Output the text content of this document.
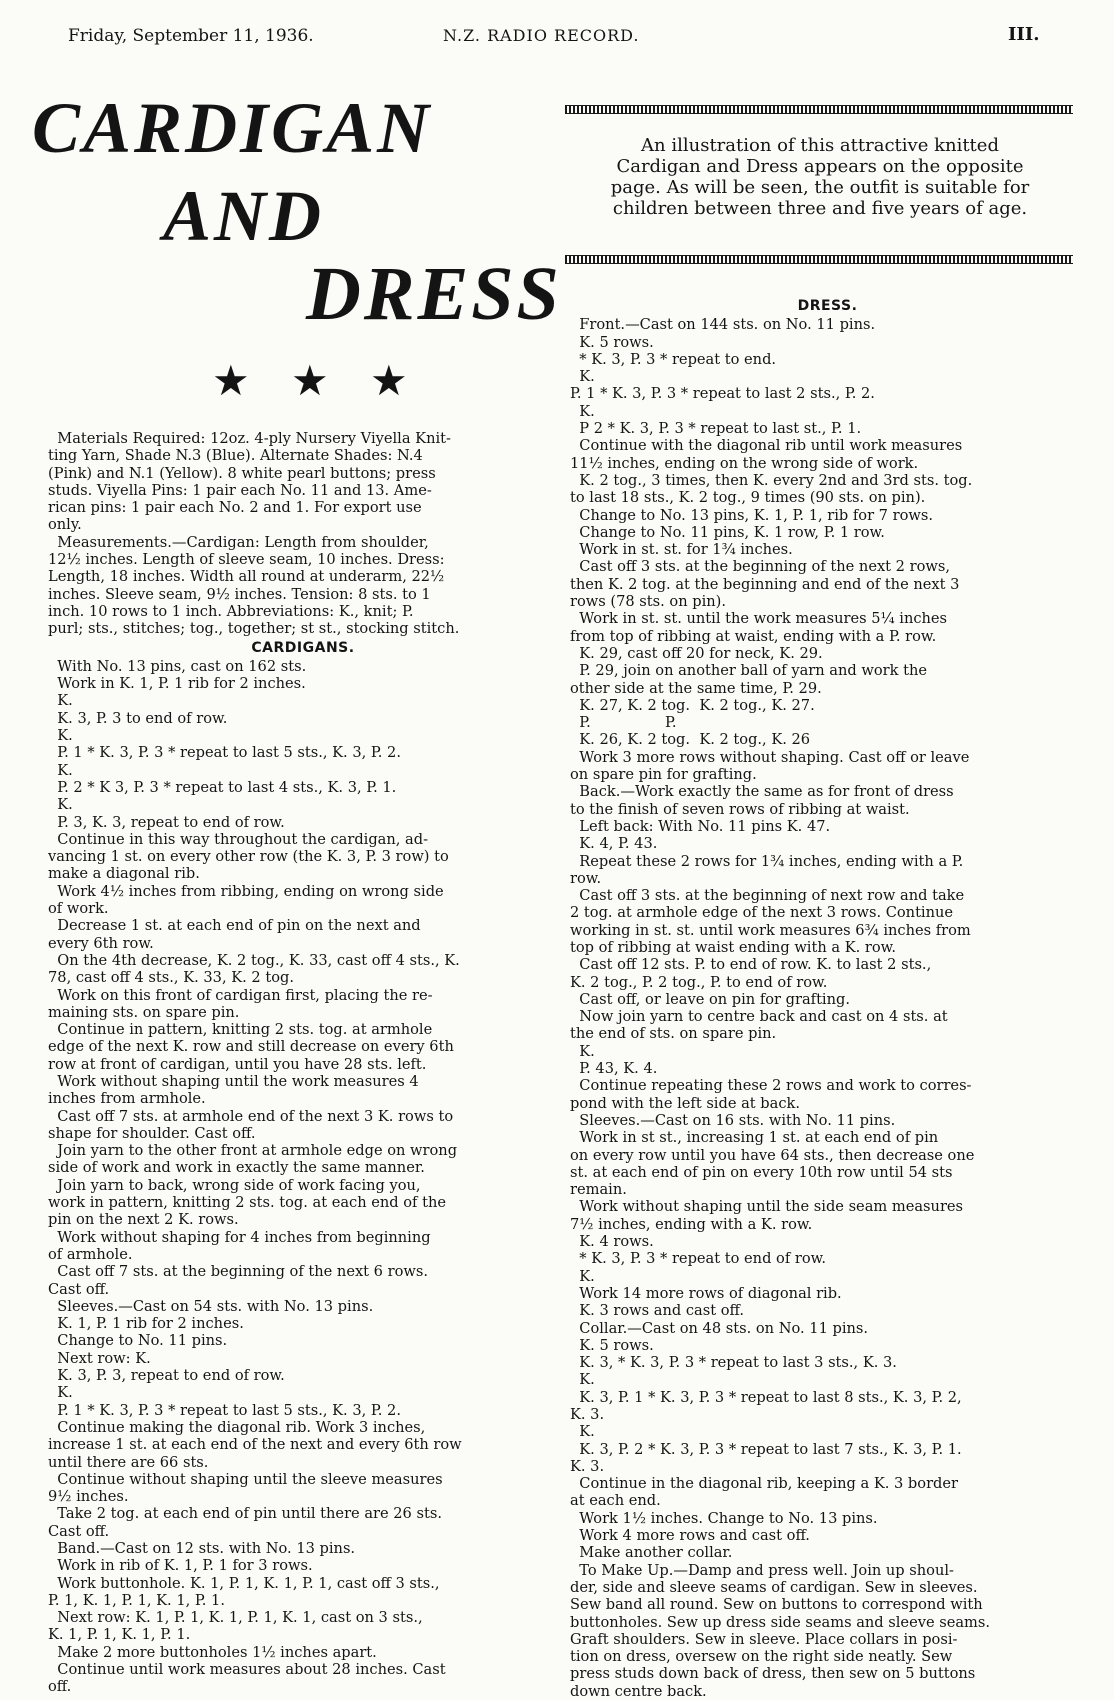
Friday, September 11, 1936.	N.Z. RADIO RECORD.	III.
CARDIGAN
AND
DRESS
★ ★ ★
An illustration of this attractive knitted Cardigan and Dress appears on the opposite page. As will be seen, the outfit is suitable for children between three and five years of age.
Materials Required: 12oz. 4-ply Nursery Viyella Knit-
ting Yarn, Shade N.3 (Blue). Alternate Shades: N.4
(Pink) and N.1 (Yellow). 8 white pearl buttons; press
studs. Viyella Pins: 1 pair each No. 11 and 13. Ame-
rican pins: 1 pair each No. 2 and 1. For export use
only.
Measurements.—Cardigan: Length from shoulder,
12½ inches. Length of sleeve seam, 10 inches. Dress:
Length, 18 inches. Width all round at underarm, 22½
inches. Sleeve seam, 9½ inches. Tension: 8 sts. to 1
inch. 10 rows to 1 inch. Abbreviations: K., knit; P.
purl; sts., stitches; tog., together; st st., stocking stitch.
CARDIGANS.
With No. 13 pins, cast on 162 sts.
Work in K. 1, P. 1 rib for 2 inches.
K.
K. 3, P. 3 to end of row.
K.
P. 1 * K. 3, P. 3 * repeat to last 5 sts., K. 3, P. 2.
K.
P. 2 * K 3, P. 3 * repeat to last 4 sts., K. 3, P. 1.
K.
P. 3, K. 3, repeat to end of row.
Continue in this way throughout the cardigan, ad-
vancing 1 st. on every other row (the K. 3, P. 3 row) to
make a diagonal rib.
Work 4½ inches from ribbing, ending on wrong side
of work.
Decrease 1 st. at each end of pin on the next and
every 6th row.
On the 4th decrease, K. 2 tog., K. 33, cast off 4 sts., K.
78, cast off 4 sts., K. 33, K. 2 tog.
Work on this front of cardigan first, placing the re-
maining sts. on spare pin.
Continue in pattern, knitting 2 sts. tog. at armhole
edge of the next K. row and still decrease on every 6th
row at front of cardigan, until you have 28 sts. left.
Work without shaping until the work measures 4
inches from armhole.
Cast off 7 sts. at armhole end of the next 3 K. rows to
shape for shoulder. Cast off.
Join yarn to the other front at armhole edge on wrong
side of work and work in exactly the same manner.
Join yarn to back, wrong side of work facing you,
work in pattern, knitting 2 sts. tog. at each end of the
pin on the next 2 K. rows.
Work without shaping for 4 inches from beginning
of armhole.
Cast off 7 sts. at the beginning of the next 6 rows.
Cast off.
Sleeves.—Cast on 54 sts. with No. 13 pins.
K. 1, P. 1 rib for 2 inches.
Change to No. 11 pins.
Next row: K.
K. 3, P. 3, repeat to end of row.
K.
P. 1 * K. 3, P. 3 * repeat to last 5 sts., K. 3, P. 2.
Continue making the diagonal rib. Work 3 inches,
increase 1 st. at each end of the next and every 6th row
until there are 66 sts.
Continue without shaping until the sleeve measures
9½ inches.
Take 2 tog. at each end of pin until there are 26 sts.
Cast off.
Band.—Cast on 12 sts. with No. 13 pins.
Work in rib of K. 1, P. 1 for 3 rows.
Work buttonhole. K. 1, P. 1, K. 1, P. 1, cast off 3 sts.,
P. 1, K. 1, P. 1, K. 1, P. 1.
Next row: K. 1, P. 1, K. 1, P. 1, K. 1, cast on 3 sts.,
K. 1, P. 1, K. 1, P. 1.
Make 2 more buttonholes 1½ inches apart.
Continue until work measures about 28 inches. Cast
off.
DRESS.
Front.—Cast on 144 sts. on No. 11 pins.
K. 5 rows.
* K. 3, P. 3 * repeat to end.
K.
P. 1 * K. 3, P. 3 * repeat to last 2 sts., P. 2.
K.
P 2 * K. 3, P. 3 * repeat to last st., P. 1.
Continue with the diagonal rib until work measures
11½ inches, ending on the wrong side of work.
K. 2 tog., 3 times, then K. every 2nd and 3rd sts. tog.
to last 18 sts., K. 2 tog., 9 times (90 sts. on pin).
Change to No. 13 pins, K. 1, P. 1, rib for 7 rows.
Change to No. 11 pins, K. 1 row, P. 1 row.
Work in st. st. for 1¾ inches.
Cast off 3 sts. at the beginning of the next 2 rows,
then K. 2 tog. at the beginning and end of the next 3
rows (78 sts. on pin).
Work in st. st. until the work measures 5¼ inches
from top of ribbing at waist, ending with a P. row.
K. 29, cast off 20 for neck, K. 29.
P. 29, join on another ball of yarn and work the
other side at the same time, P. 29.
K. 27, K. 2 tog.  K. 2 tog., K. 27.
P.                P.
K. 26, K. 2 tog.  K. 2 tog., K. 26
Work 3 more rows without shaping. Cast off or leave
on spare pin for grafting.
Back.—Work exactly the same as for front of dress
to the finish of seven rows of ribbing at waist.
Left back: With No. 11 pins K. 47.
K. 4, P. 43.
Repeat these 2 rows for 1¾ inches, ending with a P.
row.
Cast off 3 sts. at the beginning of next row and take
2 tog. at armhole edge of the next 3 rows. Continue
working in st. st. until work measures 6¾ inches from
top of ribbing at waist ending with a K. row.
Cast off 12 sts. P. to end of row. K. to last 2 sts.,
K. 2 tog., P. 2 tog., P. to end of row.
Cast off, or leave on pin for grafting.
Now join yarn to centre back and cast on 4 sts. at
the end of sts. on spare pin.
K.
P. 43, K. 4.
Continue repeating these 2 rows and work to corres-
pond with the left side at back.
Sleeves.—Cast on 16 sts. with No. 11 pins.
Work in st st., increasing 1 st. at each end of pin
on every row until you have 64 sts., then decrease one
st. at each end of pin on every 10th row until 54 sts
remain.
Work without shaping until the side seam measures
7½ inches, ending with a K. row.
K. 4 rows.
* K. 3, P. 3 * repeat to end of row.
K.
Work 14 more rows of diagonal rib.
K. 3 rows and cast off.
Collar.—Cast on 48 sts. on No. 11 pins.
K. 5 rows.
K. 3, * K. 3, P. 3 * repeat to last 3 sts., K. 3.
K.
K. 3, P. 1 * K. 3, P. 3 * repeat to last 8 sts., K. 3, P. 2,
K. 3.
K.
K. 3, P. 2 * K. 3, P. 3 * repeat to last 7 sts., K. 3, P. 1.
K. 3.
Continue in the diagonal rib, keeping a K. 3 border
at each end.
Work 1½ inches. Change to No. 13 pins.
Work 4 more rows and cast off.
Make another collar.
To Make Up.—Damp and press well. Join up shoul-
der, side and sleeve seams of cardigan. Sew in sleeves.
Sew band all round. Sew on buttons to correspond with
buttonholes. Sew up dress side seams and sleeve seams.
Graft shoulders. Sew in sleeve. Place collars in posi-
tion on dress, oversew on the right side neatly. Sew
press studs down back of dress, then sew on 5 buttons
down centre back.
